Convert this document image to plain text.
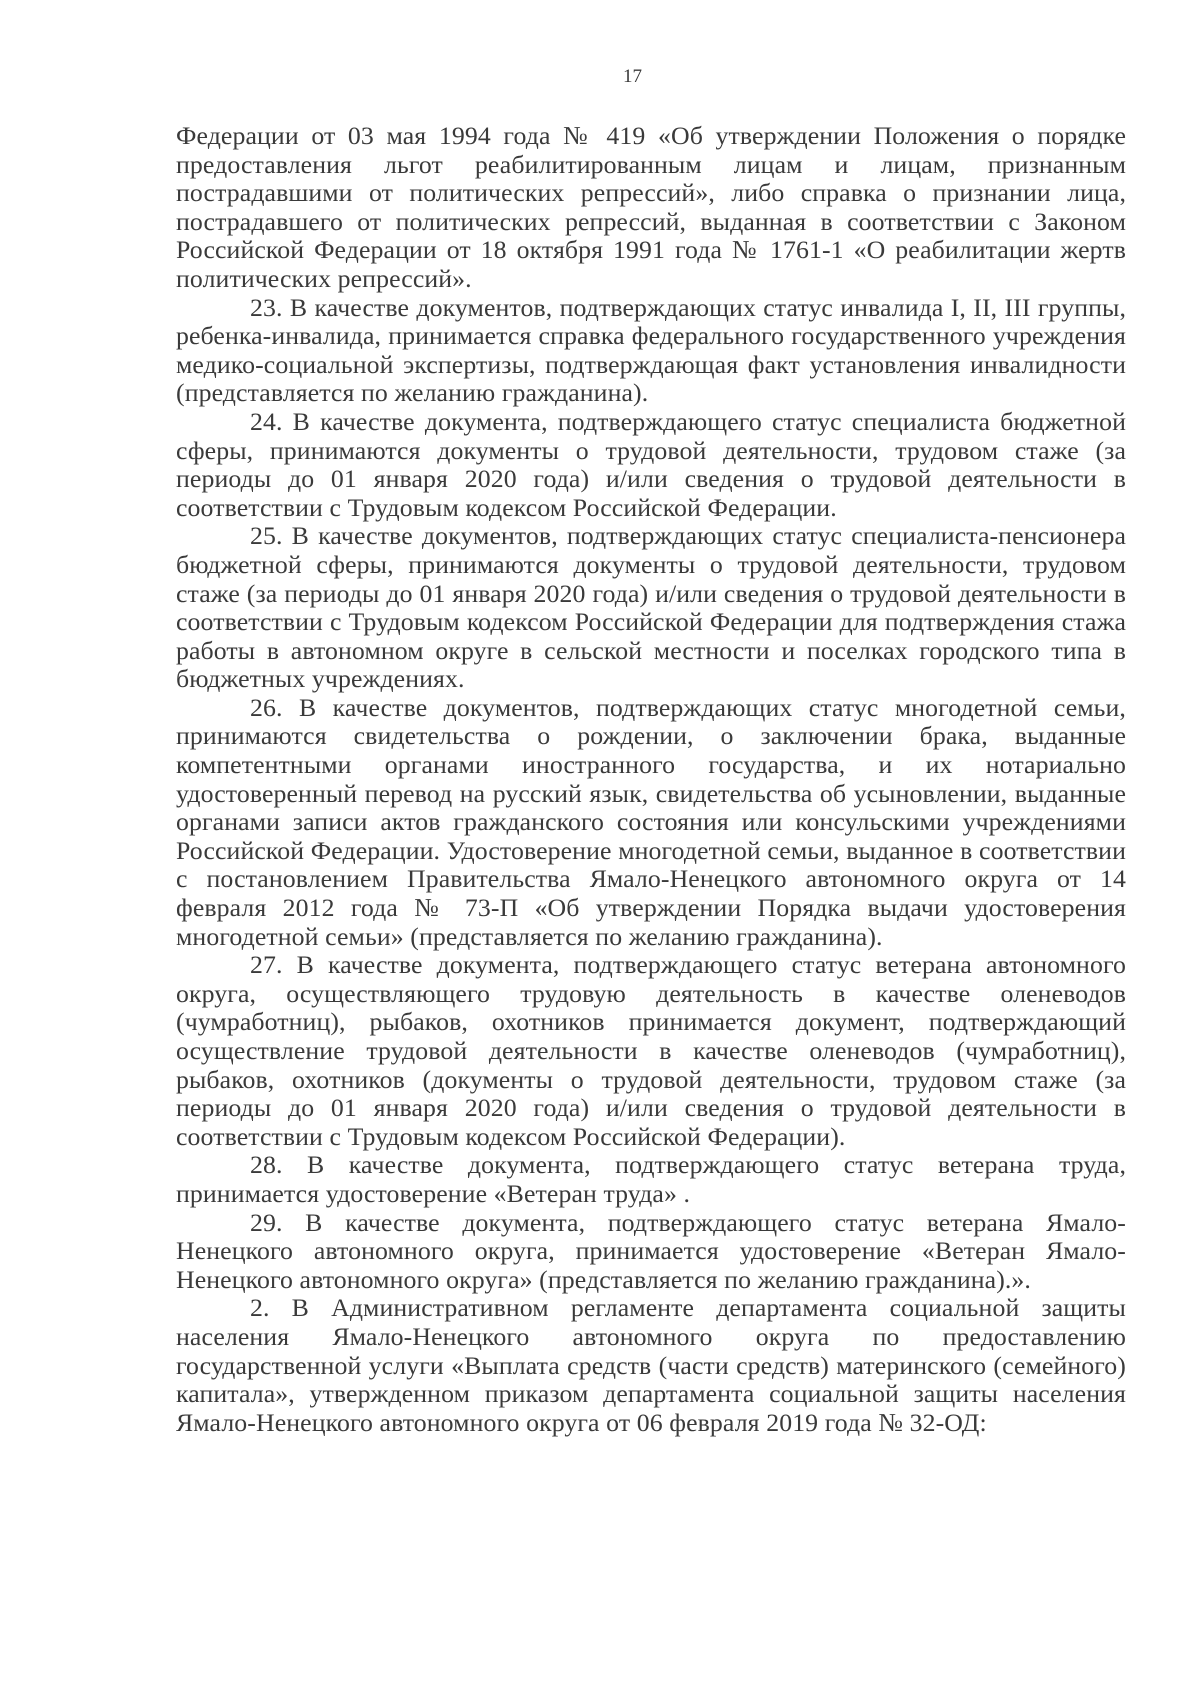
17

Федерации от 03 мая 1994 года № 419 «Об утверждении Положения о порядке предоставления льгот реабилитированным лицам и лицам, признанным пострадавшими от политических репрессий», либо справка о признании лица, пострадавшего от политических репрессий, выданная в соответствии с Законом Российской Федерации от 18 октября 1991 года № 1761-1 «О реабилитации жертв политических репрессий».

23. В качестве документов, подтверждающих статус инвалида I, II, III группы, ребенка-инвалида, принимается справка федерального государственного учреждения медико-социальной экспертизы, подтверждающая факт установления инвалидности (представляется по желанию гражданина).

24. В качестве документа, подтверждающего статус специалиста бюджетной сферы, принимаются документы о трудовой деятельности, трудовом стаже (за периоды до 01 января 2020 года) и/или сведения о трудовой деятельности в соответствии с Трудовым кодексом Российской Федерации.

25. В качестве документов, подтверждающих статус специалиста-пенсионера бюджетной сферы, принимаются документы о трудовой деятельности, трудовом стаже (за периоды до 01 января 2020 года) и/или сведения о трудовой деятельности в соответствии с Трудовым кодексом Российской Федерации для подтверждения стажа работы в автономном округе в сельской местности и поселках городского типа в бюджетных учреждениях.

26. В качестве документов, подтверждающих статус многодетной семьи, принимаются свидетельства о рождении, о заключении брака, выданные компетентными органами иностранного государства, и их нотариально удостоверенный перевод на русский язык, свидетельства об усыновлении, выданные органами записи актов гражданского состояния или консульскими учреждениями Российской Федерации. Удостоверение многодетной семьи, выданное в соответствии с постановлением Правительства Ямало-Ненецкого автономного округа от 14 февраля 2012 года № 73-П «Об утверждении Порядка выдачи удостоверения многодетной семьи» (представляется по желанию гражданина).

27. В качестве документа, подтверждающего статус ветерана автономного округа, осуществляющего трудовую деятельность в качестве оленеводов (чумработниц), рыбаков, охотников принимается документ, подтверждающий осуществление трудовой деятельности в качестве оленеводов (чумработниц), рыбаков, охотников (документы о трудовой деятельности, трудовом стаже (за периоды до 01 января 2020 года) и/или сведения о трудовой деятельности в соответствии с Трудовым кодексом Российской Федерации).

28. В качестве документа, подтверждающего статус ветерана труда, принимается удостоверение «Ветеран труда» .

29. В качестве документа, подтверждающего статус ветерана Ямало-Ненецкого автономного округа, принимается удостоверение «Ветеран Ямало-Ненецкого автономного округа» (представляется по желанию гражданина).».

2. В Административном регламенте департамента социальной защиты населения Ямало-Ненецкого автономного округа по предоставлению государственной услуги «Выплата средств (части средств) материнского (семейного) капитала», утвержденном приказом департамента социальной защиты населения Ямало-Ненецкого автономного округа от 06 февраля 2019 года № 32-ОД:
